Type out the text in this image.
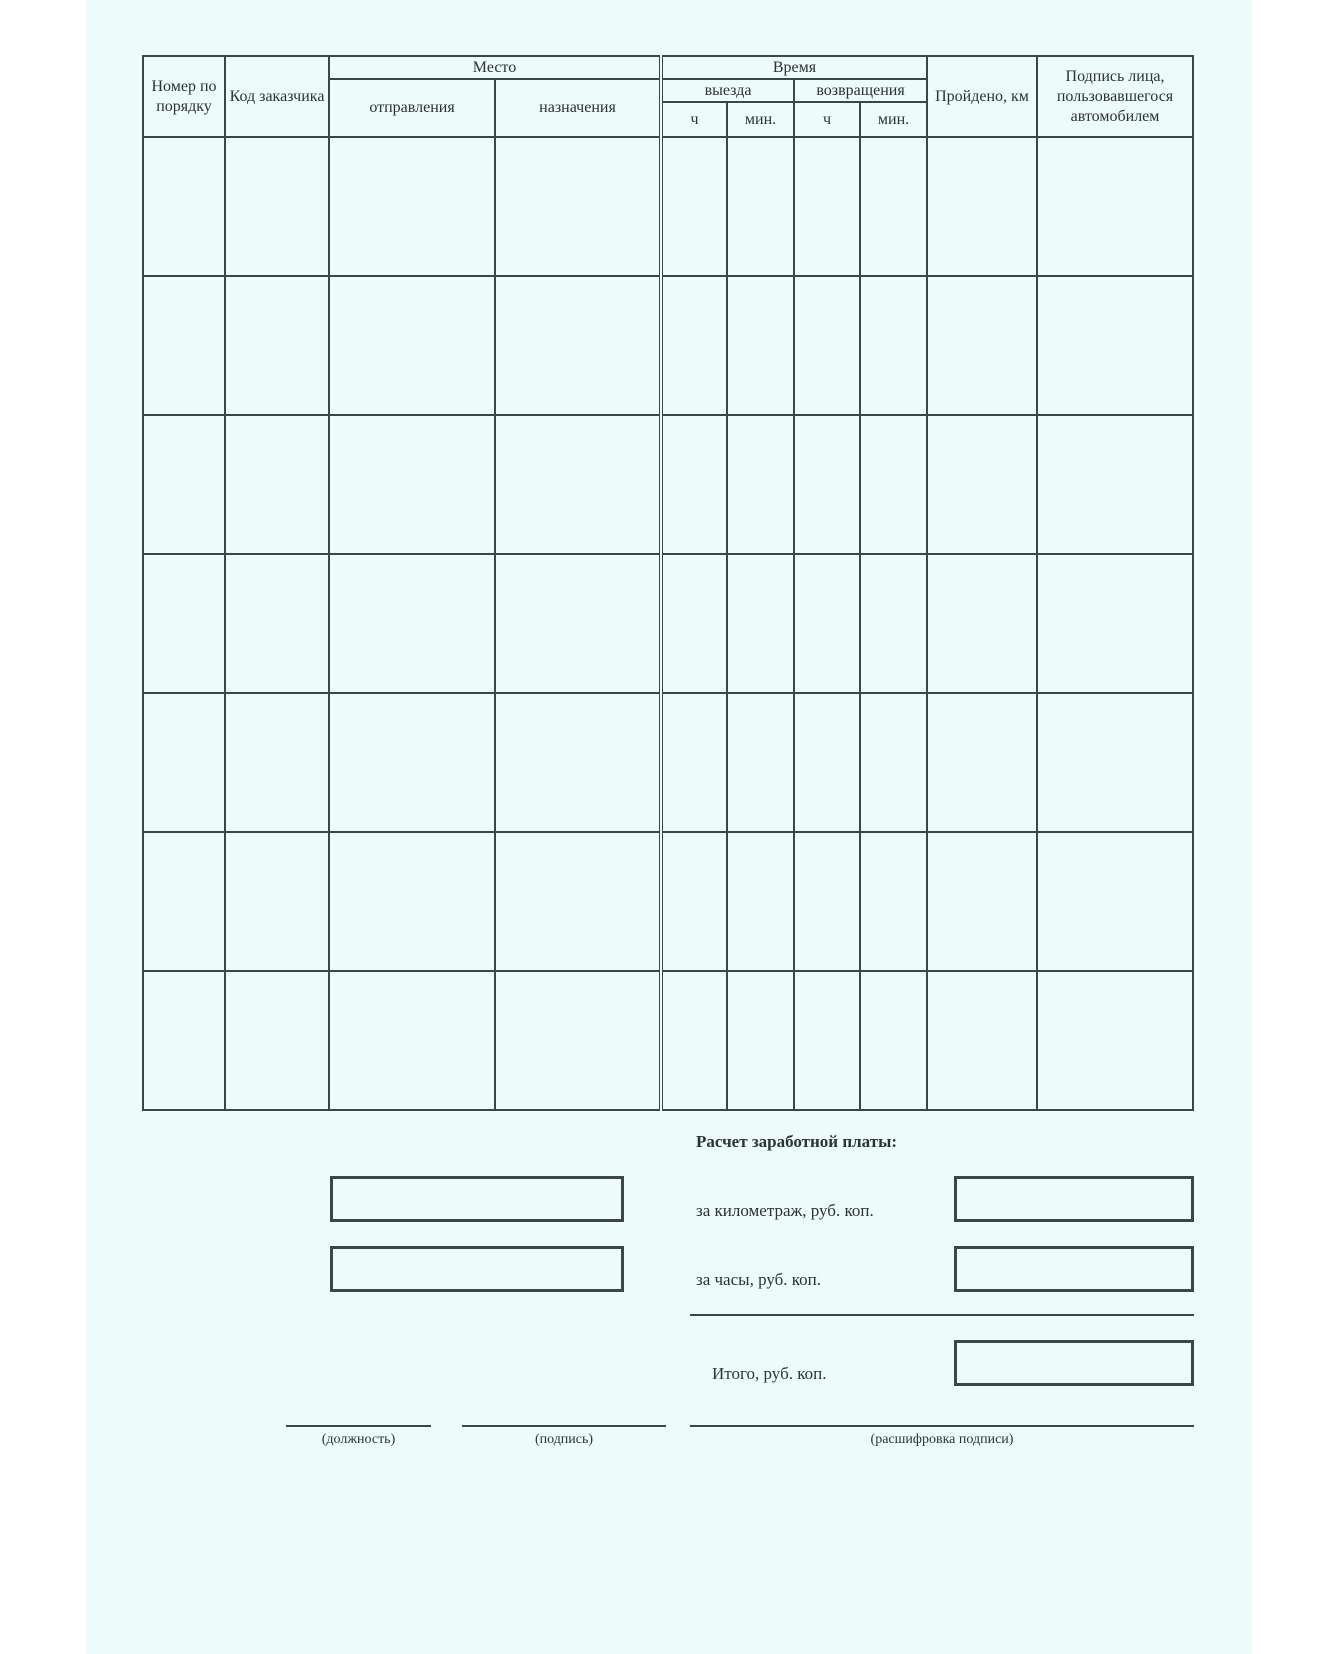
Номер по порядку	Код заказчика	Место		Время				Пройдено, км	Подпись лица, пользовавшегося автомобилем
		отправления	назначения	выезда		возвращения			
				ч	мин.	ч	мин.		

Расчет заработной платы:
за километраж, руб. коп.
за часы, руб. коп.
Итого, руб. коп.
(должность)	(подпись)	(расшифровка подписи)
